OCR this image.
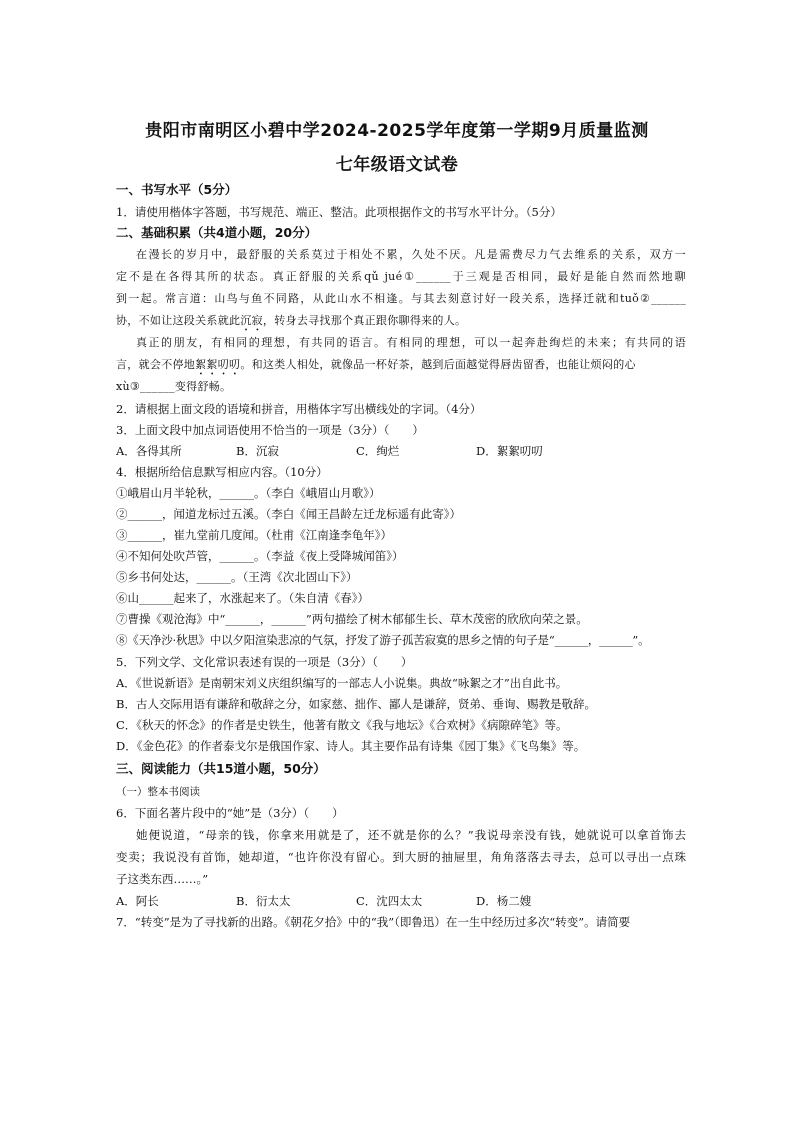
贵阳市南明区小碧中学2024-2025学年度第一学期9月质量监测
七年级语文试卷
一、书写水平（5分）
1．请使用楷体字答题，书写规范、端正、整洁。此项根据作文的书写水平计分。（5分）
二、基础积累（共4道小题，20分）
在漫长的岁月中，最舒服的关系莫过于相处不累，久处不厌。凡是需费尽力气去维系的关系，双方一
定不是在各得其所的状态。真正舒服的关系qǔ jué①______于三观是否相同，最好是能自然而然地聊
到一起。常言道：山鸟与鱼不同路，从此山水不相逢。与其去刻意讨好一段关系，选择迁就和tuǒ②______
协，不如让这段关系就此沉寂，转身去寻找那个真正跟你聊得来的人。
真正的朋友，有相同的理想，有共同的语言。有相同的理想，可以一起奔赴绚烂的未来；有共同的语
言，就会不停地絮絮叨叨。和这类人相处，就像品一杯好茶，越到后面越觉得唇齿留香，也能让烦闷的心
xù③______变得舒畅。
2．请根据上面文段的语境和拼音，用楷体字写出横线处的字词。（4分）
3．上面文段中加点词语使用不恰当的一项是（3分）（　　）
A．各得其所	B．沉寂	C．绚烂	D．絮絮叨叨
4．根据所给信息默写相应内容。（10分）
①峨眉山月半轮秋，______。（李白《峨眉山月歌》）
②______，闻道龙标过五溪。（李白《闻王昌龄左迁龙标遥有此寄》）
③______，崔九堂前几度闻。（杜甫《江南逢李龟年》）
④不知何处吹芦管，______。（李益《夜上受降城闻笛》）
⑤乡书何处达，______。（王湾《次北固山下》）
⑥山______起来了，水涨起来了。（朱自清《春》）
⑦曹操《观沧海》中“______，______”两句描绘了树木郁郁生长、草木茂密的欣欣向荣之景。
⑧《天净沙·秋思》中以夕阳渲染悲凉的气氛，抒发了游子孤苦寂寞的思乡之情的句子是“______，______”。
5．下列文学、文化常识表述有误的一项是（3分）（　　）
A．《世说新语》是南朝宋刘义庆组织编写的一部志人小说集。典故“咏絮之才”出自此书。
B．古人交际用语有谦辞和敬辞之分，如家慈、拙作、鄙人是谦辞，贤弟、垂询、赐教是敬辞。
C．《秋天的怀念》的作者是史铁生，他著有散文《我与地坛》《合欢树》《病隙碎笔》等。
D．《金色花》的作者泰戈尔是俄国作家、诗人。其主要作品有诗集《园丁集》《飞鸟集》等。
三、阅读能力（共15道小题，50分）
（一）整本书阅读
6．下面名著片段中的“她”是（3分）（　　）
她便说道，“母亲的钱，你拿来用就是了，还不就是你的么？”我说母亲没有钱，她就说可以拿首饰去
变卖；我说没有首饰，她却道，“也许你没有留心。到大厨的抽屉里，角角落落去寻去，总可以寻出一点珠
子这类东西……。”
A．阿长	B．衍太太	C．沈四太太	D．杨二嫂
7．“转变”是为了寻找新的出路。《朝花夕拾》中的“我”（即鲁迅）在一生中经历过多次“转变”。请简要
